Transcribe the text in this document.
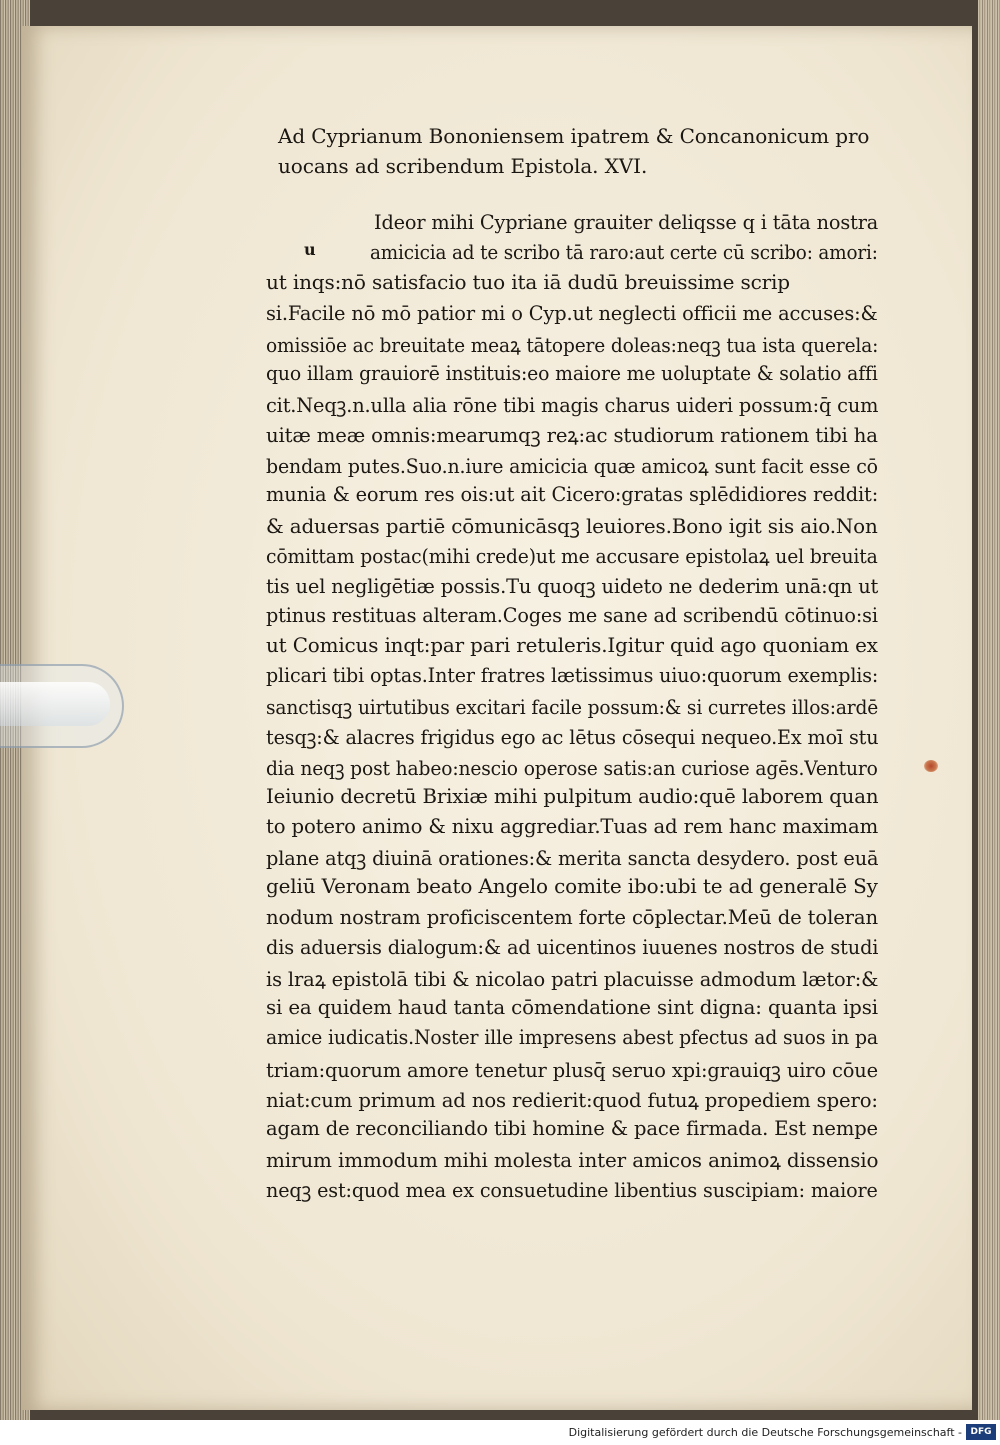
Ad Cyprianum Bononiensem ipatrem & Concanonicum pro
uocans ad scribendum Epistola. XVI.
u
Ideor mihi Cypriane grauiter deliqsse q i tāta nostra
amicicia ad te scribo tā raro:aut certe cū scribo: amori:
ut inqs:nō satisfacio tuo ita iā dudū breuissime scrip
si.Facile nō mō patior mi o Cyp.ut neglecti officii me accuses:&
omissiōe ac breuitate meaꝝ tātopere doleas:neqꝫ tua ista querela:
quo illam grauiorē instituis:eo maiore me uoluptate & solatio affi
cit.Neqꝫ.n.ulla alia rōne tibi magis charus uideri possum:q̄ cum
uitæ meæ omnis:mearumqꝫ reꝝ:ac studiorum rationem tibi ha
bendam putes.Suo.n.iure amicicia quæ amicoꝝ sunt facit esse cō
munia & eorum res ois:ut ait Cicero:gratas splēdidiores reddit:
& aduersas partiē cōmunicāsqꝫ leuiores.Bono igit sis aio.Non
cōmittam postac(mihi crede)ut me accusare epistolaꝝ uel breuita
tis uel negligētiæ possis.Tu quoqꝫ uideto ne dederim unā:qn ut
ptinus restituas alteram.Coges me sane ad scribendū cōtinuo:si
ut Comicus inqt:par pari retuleris.Igitur quid ago quoniam ex
plicari tibi optas.Inter fratres lætissimus uiuo:quorum exemplis:
sanctisqꝫ uirtutibus excitari facile possum:& si curretes illos:ardē
tesqꝫ:& alacres frigidus ego ac lētus cōsequi nequeo.Ex moī stu
dia neqꝫ post habeo:nescio operose satis:an curiose agēs.Venturo
Ieiunio decretū Brixiæ mihi pulpitum audio:quē laborem quan
to potero animo & nixu aggrediar.Tuas ad rem hanc maximam
plane atqꝫ diuinā orationes:& merita sancta desydero. post euā
geliū Veronam beato Angelo comite ibo:ubi te ad generalē Sy
nodum nostram proficiscentem forte cōplectar.Meū de toleran
dis aduersis dialogum:& ad uicentinos iuuenes nostros de studi
is lraꝝ epistolā tibi & nicolao patri placuisse admodum lætor:&
si ea quidem haud tanta cōmendatione sint digna: quanta ipsi
amice iudicatis.Noster ille impresens abest pfectus ad suos in pa
triam:quorum amore tenetur plusq̄ seruo xpi:grauiqꝫ uiro cōue
niat:cum primum ad nos redierit:quod futuꝝ propediem spero:
agam de reconciliando tibi homine & pace firmada. Est nempe
mirum immodum mihi molesta inter amicos animoꝝ dissensio
neqꝫ est:quod mea ex consuetudine libentius suscipiam: maiore
Digitalisierung gefördert durch die Deutsche Forschungsgemeinschaft - DFG
